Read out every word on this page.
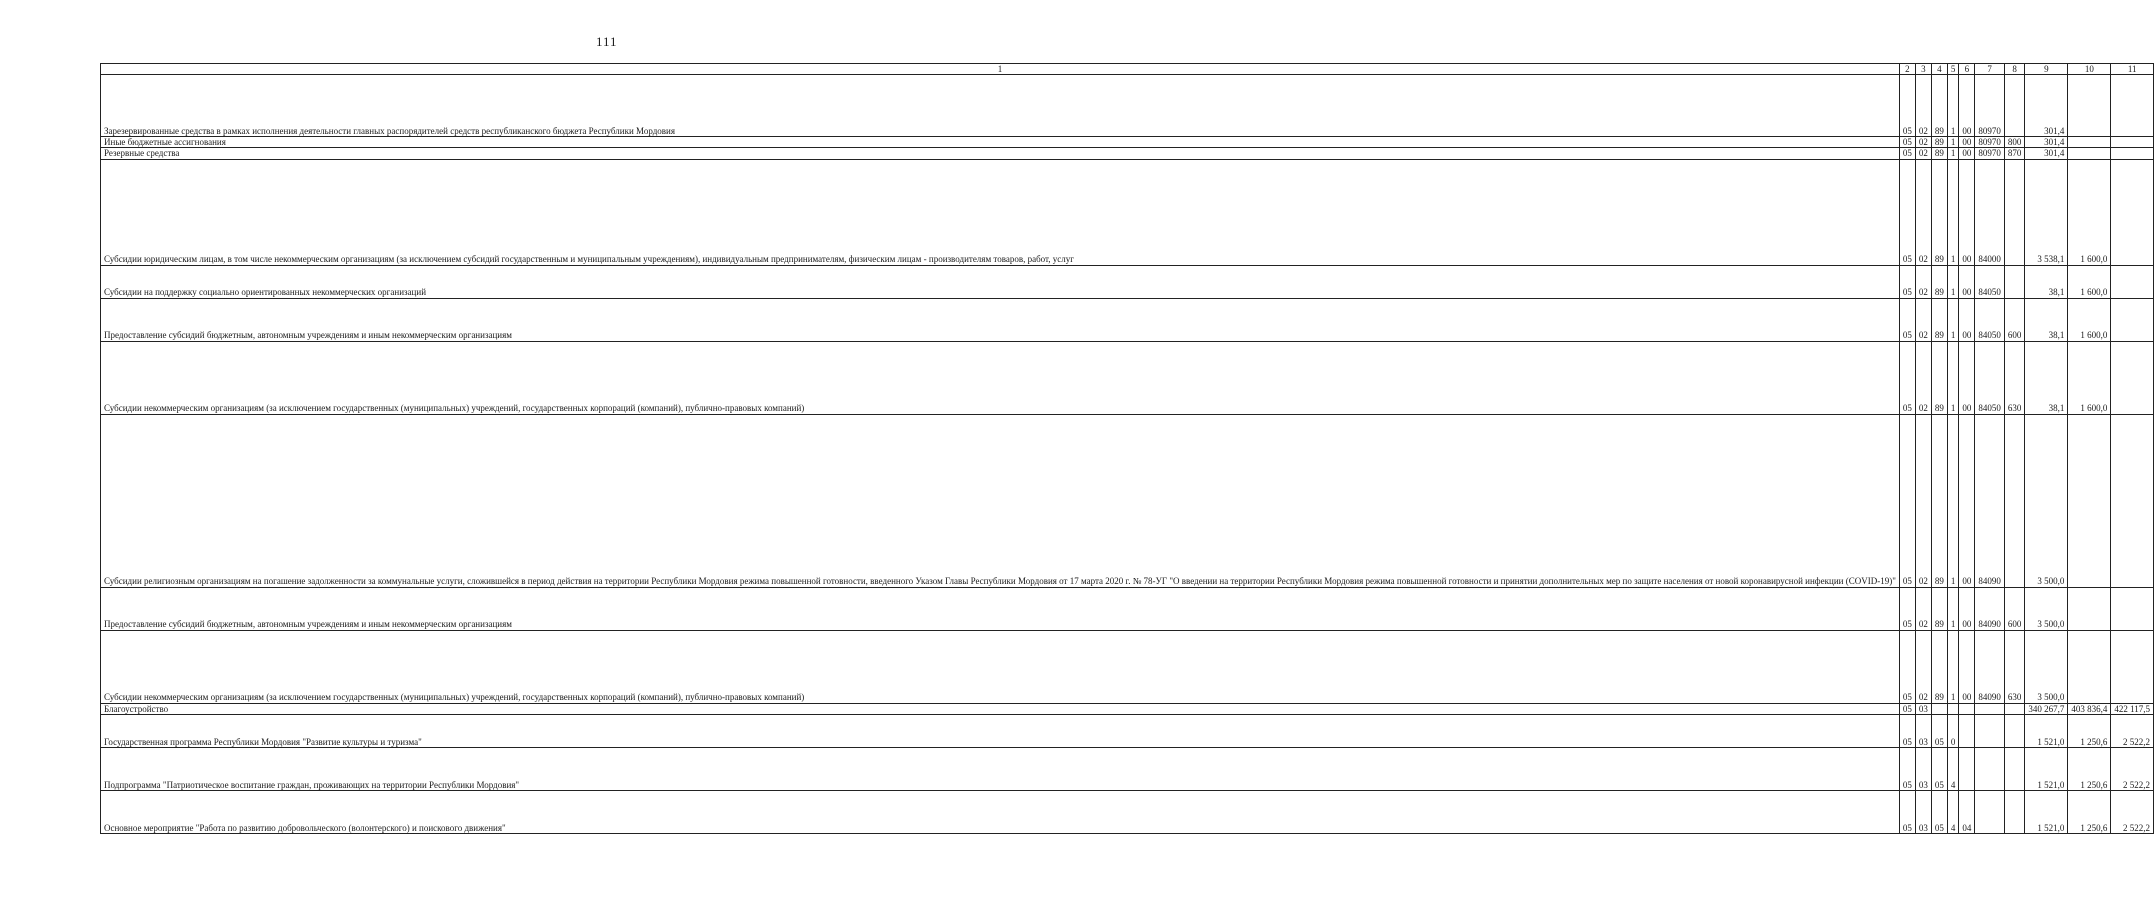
111
1	2	3	4	5	6	7	8	9	10	11
Зарезервированные средства в рамках исполнения деятельности главных распорядителей средств республиканского бюджета Республики Мордовия	05	02	89	1	00	80970		301,4		
Иные бюджетные ассигнования	05	02	89	1	00	80970	800	301,4		
Резервные средства	05	02	89	1	00	80970	870	301,4		
Субсидии юридическим лицам, в том числе некоммерческим организациям (за исключением субсидий государственным и муниципальным учреждениям), индивидуальным предпринимателям, физическим лицам - производителям товаров, работ, услуг	05	02	89	1	00	84000		3 538,1	1 600,0	
Субсидии на поддержку социально ориентированных некоммерческих организаций	05	02	89	1	00	84050		38,1	1 600,0	
Предоставление субсидий бюджетным, автономным учреждениям и иным некоммерческим организациям	05	02	89	1	00	84050	600	38,1	1 600,0	
Субсидии некоммерческим организациям (за исключением государственных (муниципальных) учреждений, государственных корпораций (компаний), публично-правовых компаний)	05	02	89	1	00	84050	630	38,1	1 600,0	
Субсидии религиозным организациям на погашение задолженности за коммунальные услуги, сложившейся в период действия на территории Республики Мордовия режима повышенной готовности, введенного Указом Главы Республики Мордовия от 17 марта 2020 г. № 78-УГ "О введении на территории Республики Мордовия режима повышенной готовности и принятии дополнительных мер по защите населения от новой коронавирусной инфекции (COVID-19)"	05	02	89	1	00	84090		3 500,0		
Предоставление субсидий бюджетным, автономным учреждениям и иным некоммерческим организациям	05	02	89	1	00	84090	600	3 500,0		
Субсидии некоммерческим организациям (за исключением государственных (муниципальных) учреждений, государственных корпораций (компаний), публично-правовых компаний)	05	02	89	1	00	84090	630	3 500,0		
Благоустройство	05	03						340 267,7	403 836,4	422 117,5
Государственная программа Республики Мордовия "Развитие культуры и туризма"	05	03	05	0				1 521,0	1 250,6	2 522,2
Подпрограмма "Патриотическое воспитание граждан, проживающих на территории Республики Мордовия"	05	03	05	4				1 521,0	1 250,6	2 522,2
Основное мероприятие "Работа по развитию добровольческого (волонтерского) и поискового движения"	05	03	05	4	04			1 521,0	1 250,6	2 522,2
